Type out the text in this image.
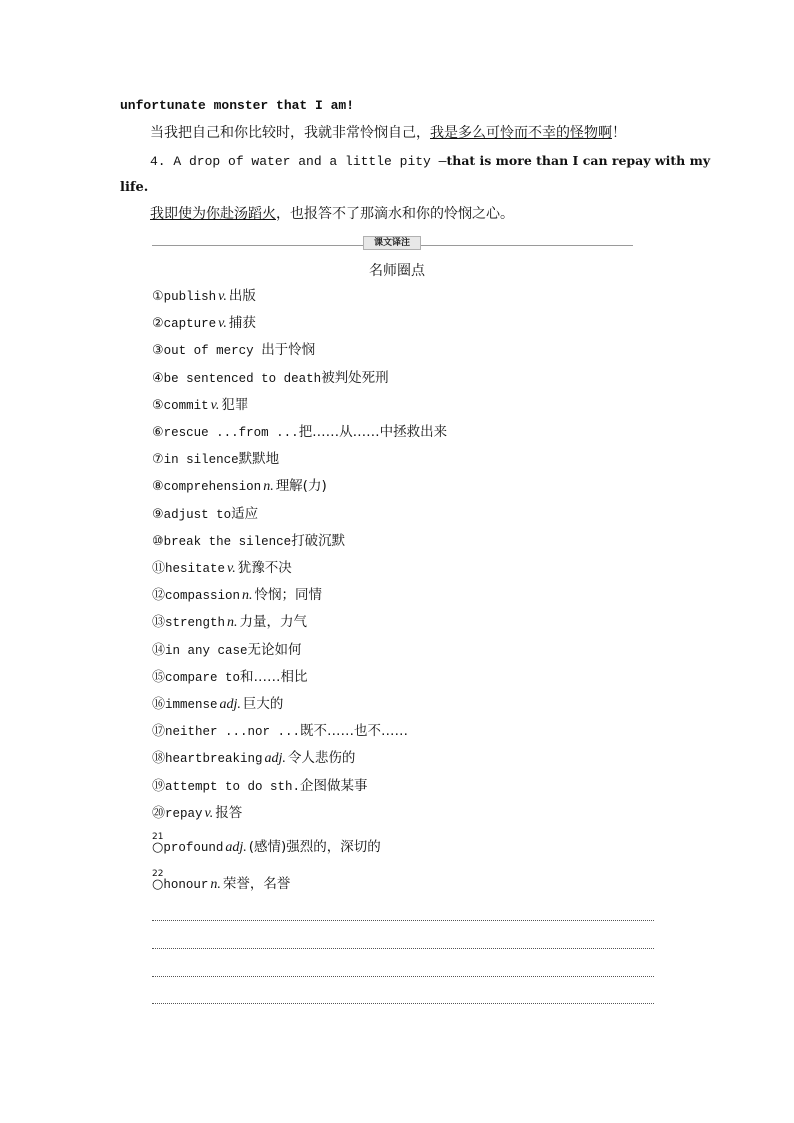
unfortunate monster that I am!
当我把自己和你比较时，我就非常怜悯自己，我是多么可怜而不幸的怪物啊！
4. A drop of water and a little pity —that is more than I can repay with my
life.
我即使为你赴汤蹈火，也报答不了那滴水和你的怜悯之心。
课文译注
名师圈点
①publish v. 出版
②capture v. 捕获
③out of mercy 出于怜悯
④be sentenced to death被判处死刑
⑤commit v. 犯罪
⑥rescue ...from ...把……从……中拯救出来
⑦in silence默默地
⑧comprehension n. 理解(力)
⑨adjust to适应
⑩break the silence打破沉默
⑪hesitate v. 犹豫不决
⑫compassion n. 怜悯；同情
⑬strength n. 力量，力气
⑭in any case无论如何
⑮compare to和……相比
⑯immense adj. 巨大的
⑰neither ...nor ...既不……也不……
⑱heartbreaking adj. 令人悲伤的
⑲attempt to do sth.企图做某事
⑳repay v. 报答
21
○profound adj. (感情)强烈的，深切的
22
○honour n. 荣誉，名誉
